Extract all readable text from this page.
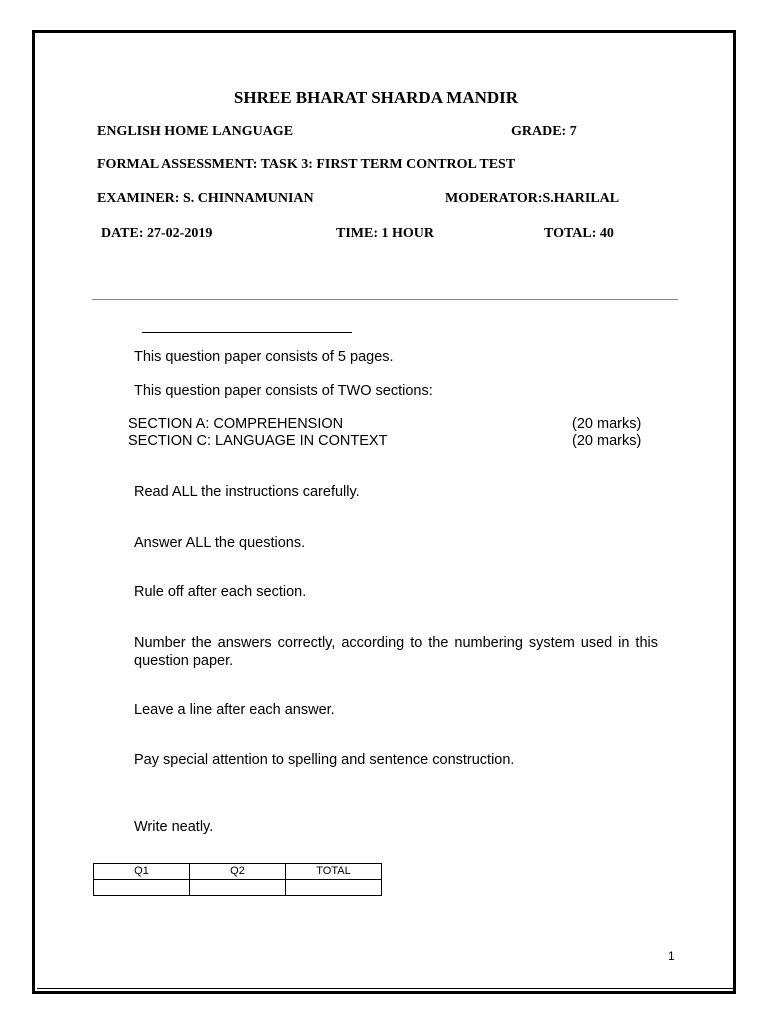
SHREE BHARAT SHARDA MANDIR
ENGLISH HOME LANGUAGE	GRADE: 7
FORMAL ASSESSMENT: TASK 3: FIRST TERM CONTROL TEST
EXAMINER: S. CHINNAMUNIAN	MODERATOR:S.HARILAL
DATE: 27-02-2019	TIME: 1 HOUR	TOTAL: 40
This question paper consists of 5 pages.
This question paper consists of TWO sections:
SECTION A: COMPREHENSION	(20 marks)
SECTION C: LANGUAGE IN CONTEXT	(20 marks)
Read ALL the instructions carefully.
Answer ALL the questions.
Rule off after each section.
Number the answers correctly, according to the numbering system used in this question paper.
Leave a line after each answer.
Pay special attention to spelling and sentence construction.
Write neatly.
Q1	Q2	TOTAL

1
